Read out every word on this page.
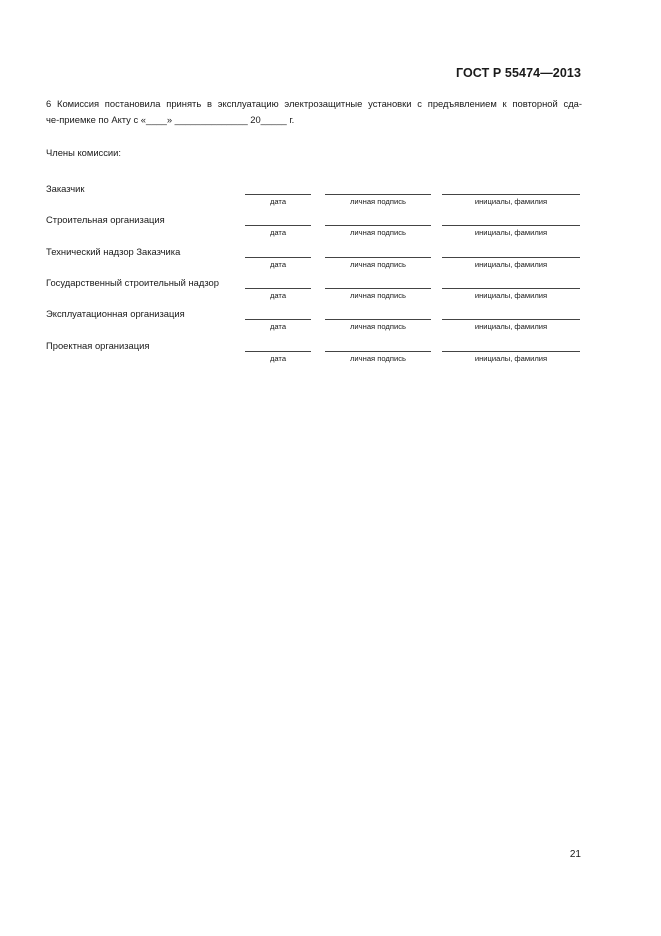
ГОСТ Р 55474—2013
6 Комиссия постановила принять в эксплуатацию электрозащитные установки с предъявлением к повторной сда-
че-приемке по Акту с «____» ______________ 20_____ г.
Члены комиссии:
Заказчик
дата	личная подпись	инициалы, фамилия
Строительная организация
дата	личная подпись	инициалы, фамилия
Технический надзор Заказчика
дата	личная подпись	инициалы, фамилия
Государственный строительный надзор
дата	личная подпись	инициалы, фамилия
Эксплуатационная организация
дата	личная подпись	инициалы, фамилия
Проектная организация
дата	личная подпись	инициалы, фамилия
21
